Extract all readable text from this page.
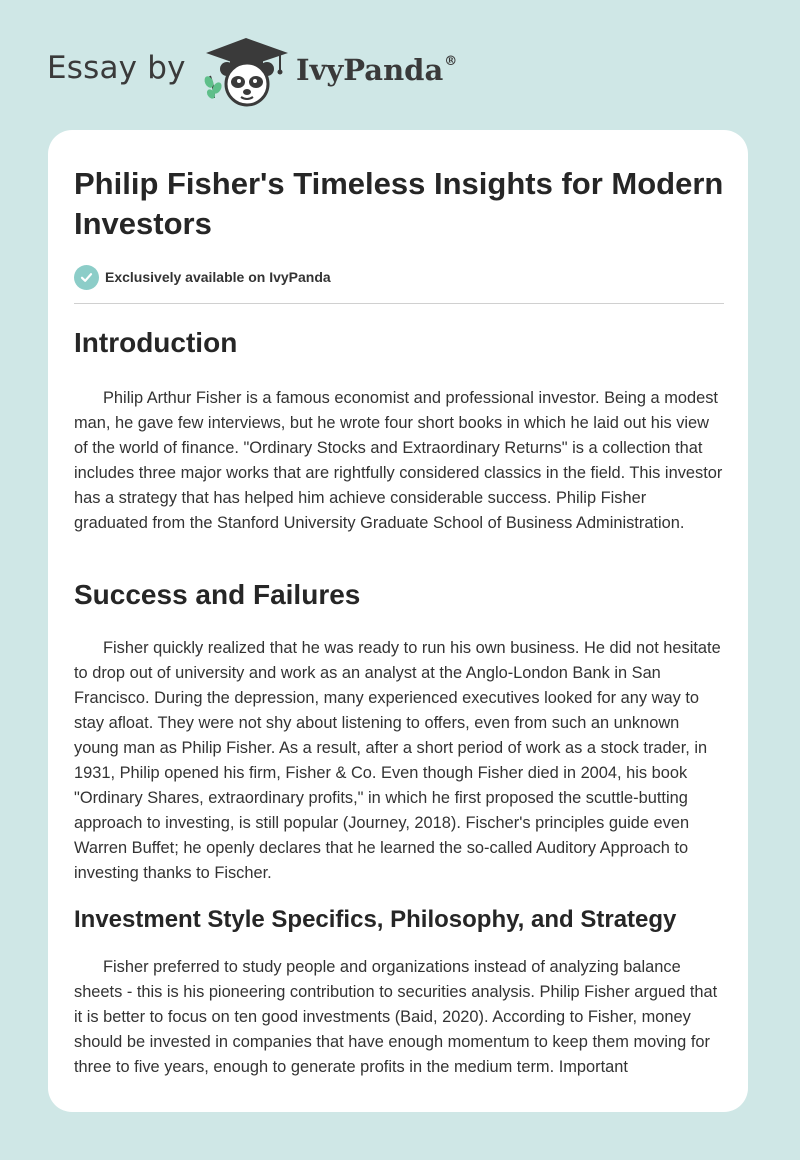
Essay by	IvyPanda®
Philip Fisher's Timeless Insights for Modern Investors
Exclusively available on IvyPanda
Introduction

Philip Arthur Fisher is a famous economist and professional investor. Being a modest man, he gave few interviews, but he wrote four short books in which he laid out his view of the world of finance. "Ordinary Stocks and Extraordinary Returns" is a collection that includes three major works that are rightfully considered classics in the field. This investor has a strategy that has helped him achieve considerable success. Philip Fisher graduated from the Stanford University Graduate School of Business Administration.

Success and Failures

Fisher quickly realized that he was ready to run his own business. He did not hesitate to drop out of university and work as an analyst at the Anglo-London Bank in San Francisco. During the depression, many experienced executives looked for any way to stay afloat. They were not shy about listening to offers, even from such an unknown young man as Philip Fisher. As a result, after a short period of work as a stock trader, in 1931, Philip opened his firm, Fisher & Co. Even though Fisher died in 2004, his book "Ordinary Shares, extraordinary profits," in which he first proposed the scuttle-butting approach to investing, is still popular (Journey, 2018). Fischer's principles guide even Warren Buffet; he openly declares that he learned the so-called Auditory Approach to investing thanks to Fischer.

Investment Style Specifics, Philosophy, and Strategy

Fisher preferred to study people and organizations instead of analyzing balance sheets - this is his pioneering contribution to securities analysis. Philip Fisher argued that it is better to focus on ten good investments (Baid, 2020). According to Fisher, money should be invested in companies that have enough momentum to keep them moving for three to five years, enough to generate profits in the medium term. Important
